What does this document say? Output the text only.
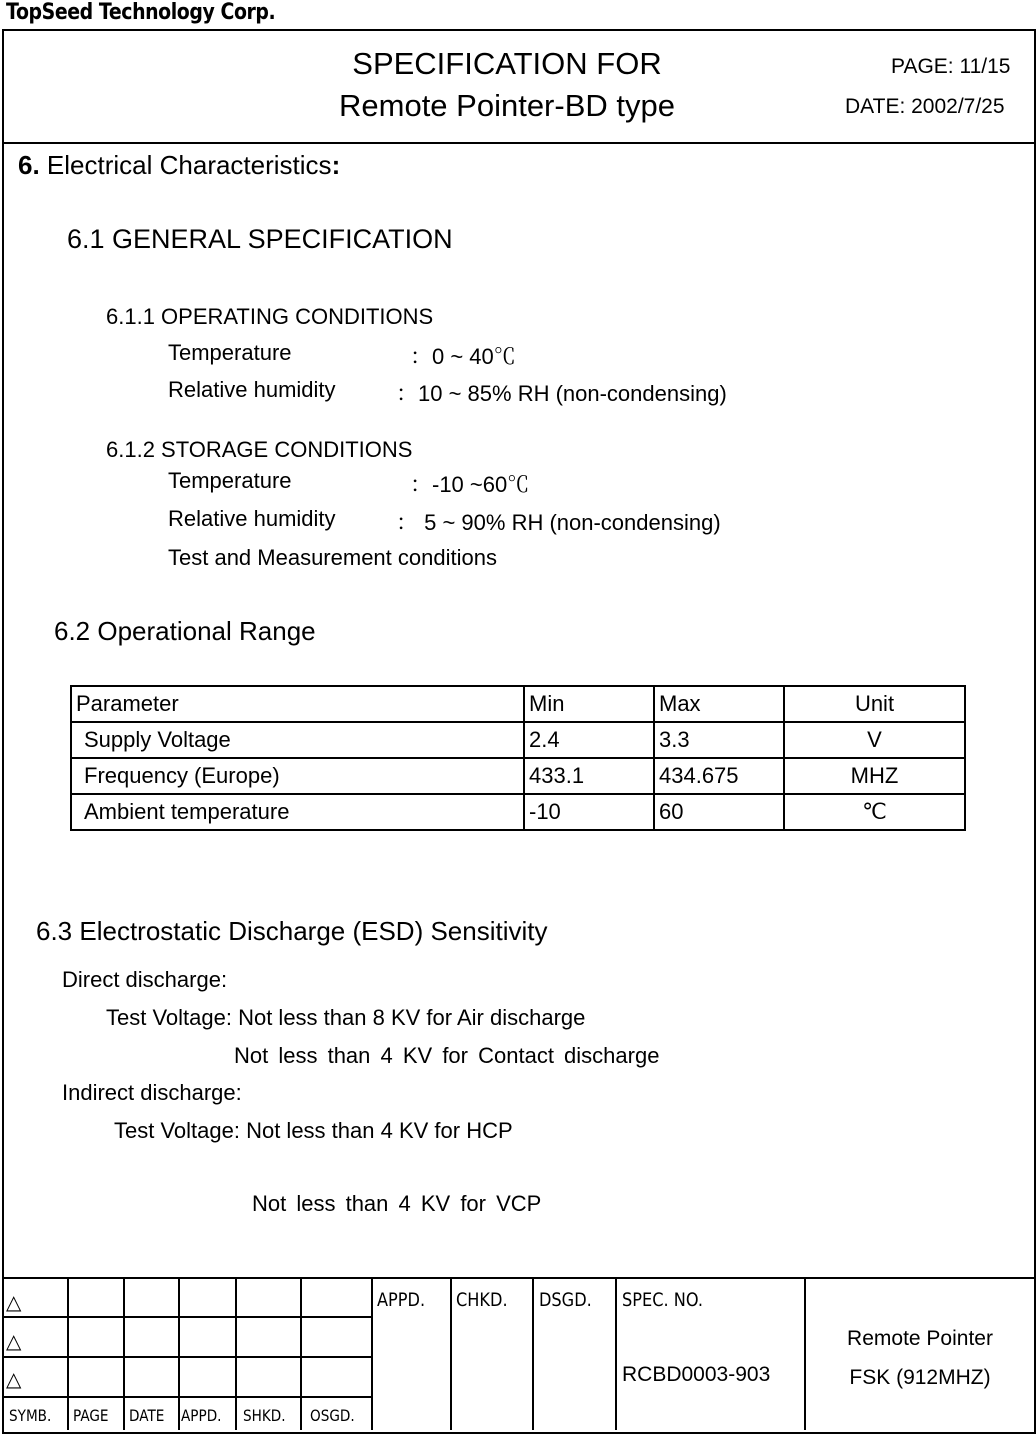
TopSeed Technology Corp.
SPECIFICATION FOR
Remote Pointer-BD type
PAGE: 11/15
DATE: 2002/7/25
6. Electrical Characteristics:
6.1 GENERAL SPECIFICATION
6.1.1 OPERATING CONDITIONS
Temperature	：0 ~ 40℃
Relative humidity	：10 ~ 85% RH (non-condensing)
6.1.2 STORAGE CONDITIONS
Temperature	：-10 ~60℃
Relative humidity	： 5 ~ 90% RH (non-condensing)
Test and Measurement conditions
6.2 Operational Range
Parameter	Min	Max	Unit
Supply Voltage	2.4	3.3	V
Frequency (Europe)	433.1	434.675	MHZ
Ambient temperature	-10	60	℃
6.3 Electrostatic Discharge (ESD) Sensitivity
Direct discharge:
Test Voltage: Not less than 8 KV for Air discharge
Not less than 4 KV for Contact discharge
Indirect discharge:
Test Voltage: Not less than 4 KV for HCP
Not less than 4 KV for VCP
△
△
△
SYMB. PAGE DATE APPD. SHKD. OSGD.
APPD. CHKD. DSGD. SPEC. NO.
RCBD0003-903
Remote Pointer
FSK (912MHZ)
